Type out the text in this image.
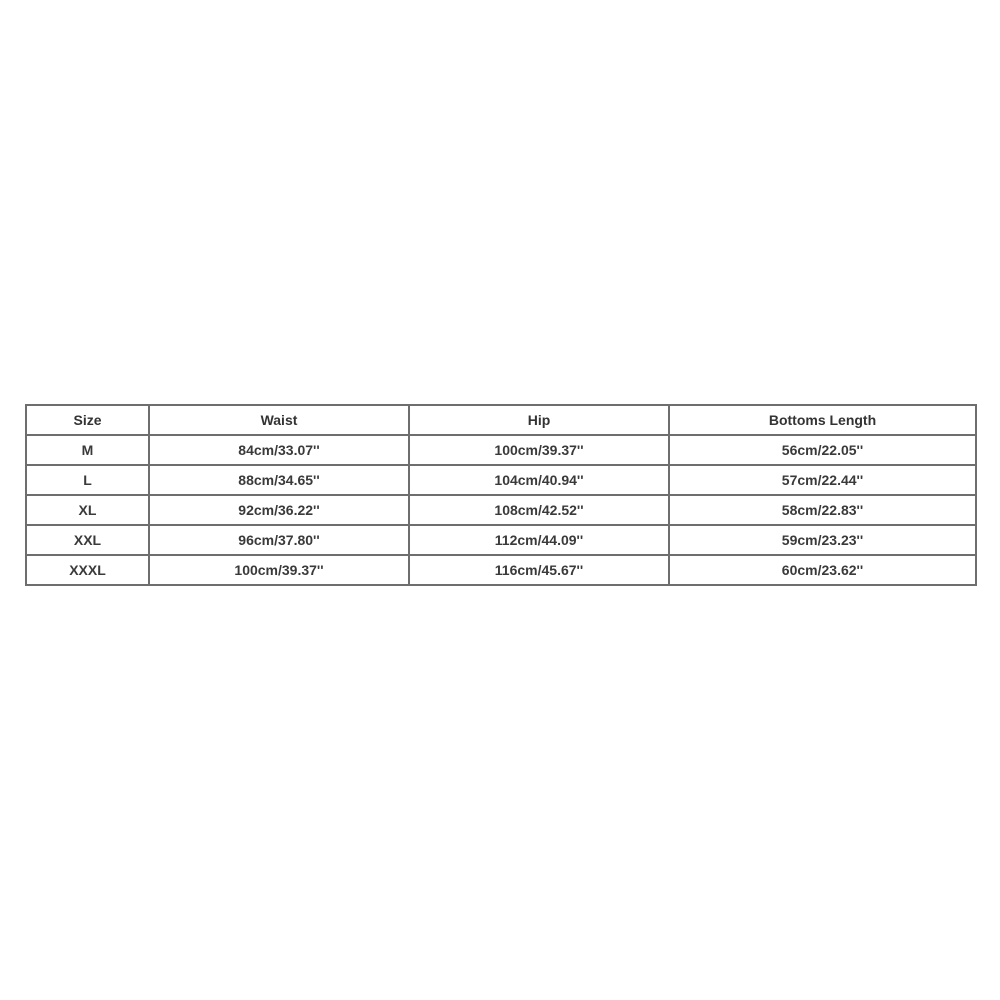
Size	Waist	Hip	Bottoms Length
M	84cm/33.07''	100cm/39.37''	56cm/22.05''
L	88cm/34.65''	104cm/40.94''	57cm/22.44''
XL	92cm/36.22''	108cm/42.52''	58cm/22.83''
XXL	96cm/37.80''	112cm/44.09''	59cm/23.23''
XXXL	100cm/39.37''	116cm/45.67''	60cm/23.62''
